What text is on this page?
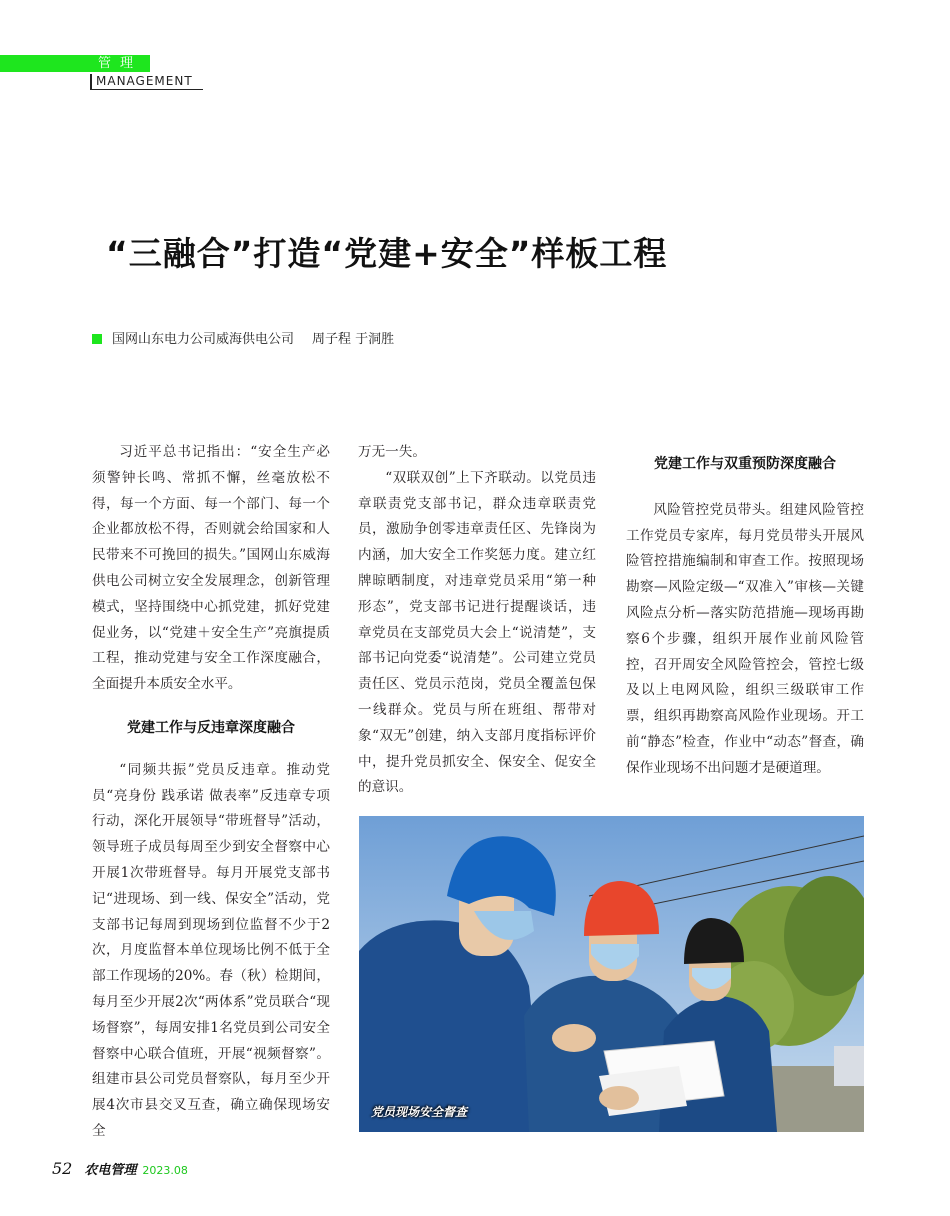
管理
MANAGEMENT
“三融合”打造“党建+安全”样板工程
国网山东电力公司威海供电公司 周子程 于洞胜

习近平总书记指出：“安全生产必须警钟长鸣、常抓不懈，丝毫放松不得，每一个方面、每一个部门、每一个企业都放松不得，否则就会给国家和人民带来不可挽回的损失。”国网山东威海供电公司树立安全发展理念，创新管理模式，坚持围绕中心抓党建，抓好党建促业务，以“党建＋安全生产”亮旗提质工程，推动党建与安全工作深度融合，全面提升本质安全水平。

党建工作与反违章深度融合

“同频共振”党员反违章。推动党员“亮身份 践承诺 做表率”反违章专项行动，深化开展领导“带班督导”活动，领导班子成员每周至少到安全督察中心开展1次带班督导。每月开展党支部书记“进现场、到一线、保安全”活动，党支部书记每周到现场到位监督不少于2次，月度监督本单位现场比例不低于全部工作现场的20%。春（秋）检期间，每月至少开展2次“两体系”党员联合“现场督察”，每周安排1名党员到公司安全督察中心联合值班，开展“视频督察”。组建市县公司党员督察队，每月至少开展4次市县交叉互查，确立确保现场安全

万无一失。

“双联双创”上下齐联动。以党员违章联责党支部书记，群众违章联责党员，激励争创零违章责任区、先锋岗为内涵，加大安全工作奖惩力度。建立红牌晾晒制度，对违章党员采用“第一种形态”，党支部书记进行提醒谈话，违章党员在支部党员大会上“说清楚”，支部书记向党委“说清楚”。公司建立党员责任区、党员示范岗，党员全覆盖包保一线群众。党员与所在班组、帮带对象“双无”创建，纳入支部月度指标评价中，提升党员抓安全、保安全、促安全的意识。

党建工作与双重预防深度融合

风险管控党员带头。组建风险管控工作党员专家库，每月党员带头开展风险管控措施编制和审查工作。按照现场勘察—风险定级—“双准入”审核—关键风险点分析—落实防范措施—现场再勘察6个步骤，组织开展作业前风险管控，召开周安全风险管控会，管控七级及以上电网风险，组织三级联审工作票，组织再勘察高风险作业现场。开工前“静态”检查，作业中“动态”督查，确保作业现场不出问题才是硬道理。

党员现场安全督查
52 农电管理 2023.08
